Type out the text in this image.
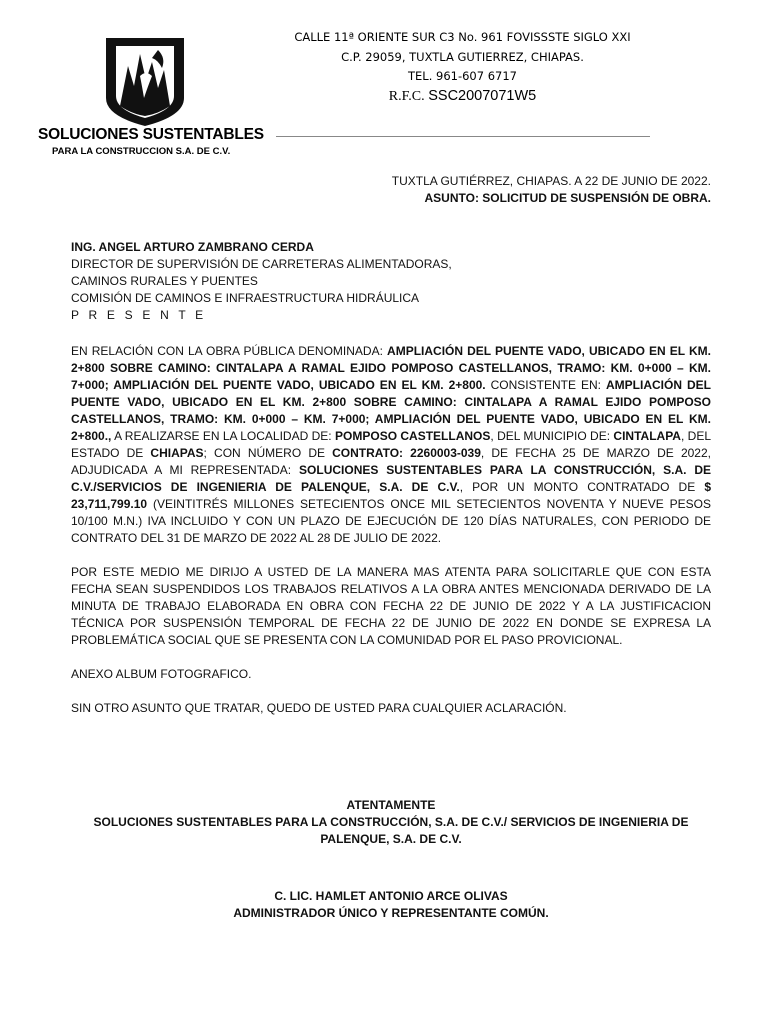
SOLUCIONES SUSTENTABLES
PARA LA CONSTRUCCION S.A. DE C.V.
CALLE 11ª ORIENTE SUR C3 No. 961 FOVISSSTE SIGLO XXI
C.P. 29059, TUXTLA GUTIERREZ, CHIAPAS.
TEL. 961-607 6717
R.F.C. SSC2007071W5
TUXTLA GUTIÉRREZ, CHIAPAS. A 22 DE JUNIO DE 2022.
ASUNTO: SOLICITUD DE SUSPENSIÓN DE OBRA.
ING. ANGEL ARTURO ZAMBRANO CERDA
DIRECTOR DE SUPERVISIÓN DE CARRETERAS ALIMENTADORAS,
CAMINOS RURALES Y PUENTES
COMISIÓN DE CAMINOS E INFRAESTRUCTURA HIDRÁULICA
P R E S E N T E

EN RELACIÓN CON LA OBRA PÚBLICA DENOMINADA: AMPLIACIÓN DEL PUENTE VADO, UBICADO EN EL KM. 2+800 SOBRE CAMINO: CINTALAPA A RAMAL EJIDO POMPOSO CASTELLANOS, TRAMO: KM. 0+000 – KM. 7+000; AMPLIACIÓN DEL PUENTE VADO, UBICADO EN EL KM. 2+800. CONSISTENTE EN: AMPLIACIÓN DEL PUENTE VADO, UBICADO EN EL KM. 2+800 SOBRE CAMINO: CINTALAPA A RAMAL EJIDO POMPOSO CASTELLANOS, TRAMO: KM. 0+000 – KM. 7+000; AMPLIACIÓN DEL PUENTE VADO, UBICADO EN EL KM. 2+800., A REALIZARSE EN LA LOCALIDAD DE: POMPOSO CASTELLANOS, DEL MUNICIPIO DE: CINTALAPA, DEL ESTADO DE CHIAPAS; CON NÚMERO DE CONTRATO: 2260003-039, DE FECHA 25 DE MARZO DE 2022, ADJUDICADA A MI REPRESENTADA: SOLUCIONES SUSTENTABLES PARA LA CONSTRUCCIÓN, S.A. DE C.V./SERVICIOS DE INGENIERIA DE PALENQUE, S.A. DE C.V., POR UN MONTO CONTRATADO DE $ 23,711,799.10 (VEINTITRÉS MILLONES SETECIENTOS ONCE MIL SETECIENTOS NOVENTA Y NUEVE PESOS 10/100 M.N.) IVA INCLUIDO Y CON UN PLAZO DE EJECUCIÓN DE 120 DÍAS NATURALES, CON PERIODO DE CONTRATO DEL 31 DE MARZO DE 2022 AL 28 DE JULIO DE 2022.

POR ESTE MEDIO ME DIRIJO A USTED DE LA MANERA MAS ATENTA PARA SOLICITARLE QUE CON ESTA FECHA SEAN SUSPENDIDOS LOS TRABAJOS RELATIVOS A LA OBRA ANTES MENCIONADA DERIVADO DE LA MINUTA DE TRABAJO ELABORADA EN OBRA CON FECHA 22 DE JUNIO DE 2022 Y A LA JUSTIFICACION TÉCNICA POR SUSPENSIÓN TEMPORAL DE FECHA 22 DE JUNIO DE 2022 EN DONDE SE EXPRESA LA PROBLEMÁTICA SOCIAL QUE SE PRESENTA CON LA COMUNIDAD POR EL PASO PROVICIONAL.

ANEXO ALBUM FOTOGRAFICO.

SIN OTRO ASUNTO QUE TRATAR, QUEDO DE USTED PARA CUALQUIER ACLARACIÓN.

ATENTAMENTE
SOLUCIONES SUSTENTABLES PARA LA CONSTRUCCIÓN, S.A. DE C.V./ SERVICIOS DE INGENIERIA DE PALENQUE, S.A. DE C.V.
C. LIC. HAMLET ANTONIO ARCE OLIVAS
ADMINISTRADOR ÚNICO Y REPRESENTANTE COMÚN.
